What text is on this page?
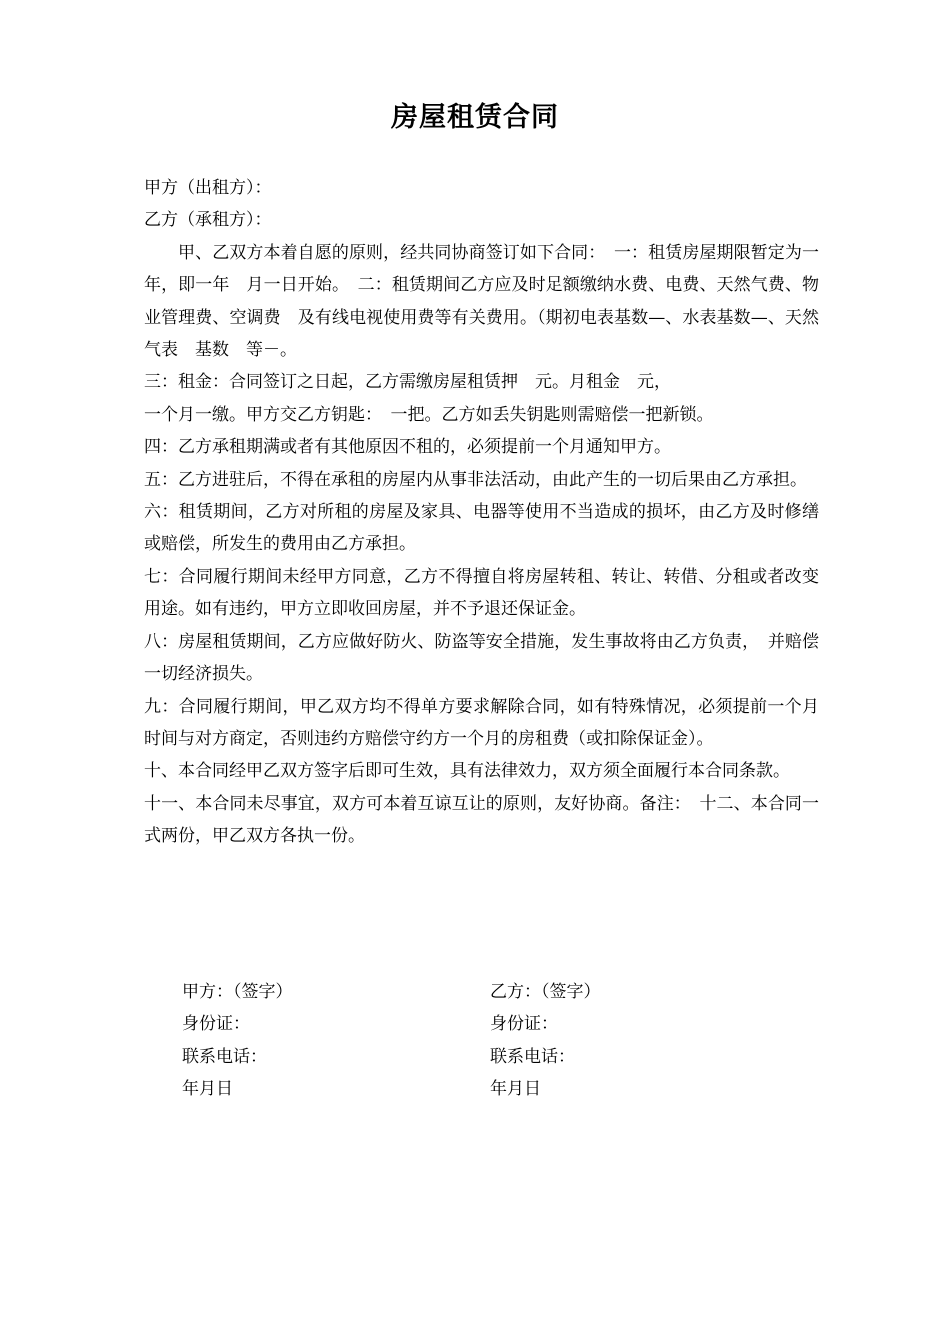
房屋租赁合同

甲方（出租方）：

乙方（承租方）：

甲、乙双方本着自愿的原则，经共同协商签订如下合同：　一：租赁房屋期限暂定为一年，即一年　月一日开始。　二：租赁期间乙方应及时足额缴纳水费、电费、天然气费、物业管理费、空调费　及有线电视使用费等有关费用。（期初电表基数—、水表基数—、天然气表　基数　等－。

三：租金：合同签订之日起，乙方需缴房屋租赁押　元。月租金　元，

一个月一缴。甲方交乙方钥匙：　一把。乙方如丢失钥匙则需赔偿一把新锁。

四：乙方承租期满或者有其他原因不租的，必须提前一个月通知甲方。

五：乙方进驻后，不得在承租的房屋内从事非法活动，由此产生的一切后果由乙方承担。

六：租赁期间，乙方对所租的房屋及家具、电器等使用不当造成的损坏，由乙方及时修缮或赔偿，所发生的费用由乙方承担。

七：合同履行期间未经甲方同意，乙方不得擅自将房屋转租、转让、转借、分租或者改变用途。如有违约，甲方立即收回房屋，并不予退还保证金。

八：房屋租赁期间，乙方应做好防火、防盗等安全措施，发生事故将由乙方负责，　并赔偿一切经济损失。

九：合同履行期间，甲乙双方均不得单方要求解除合同，如有特殊情况，必须提前一个月时间与对方商定，否则违约方赔偿守约方一个月的房租费（或扣除保证金）。

十、本合同经甲乙双方签字后即可生效，具有法律效力，双方须全面履行本合同条款。

十一、本合同未尽事宜，双方可本着互谅互让的原则，友好协商。备注：　十二、本合同一式两份，甲乙双方各执一份。

甲方：（签字）
身份证：
联系电话：
年月日
乙方：（签字）
身份证：
联系电话：
年月日
